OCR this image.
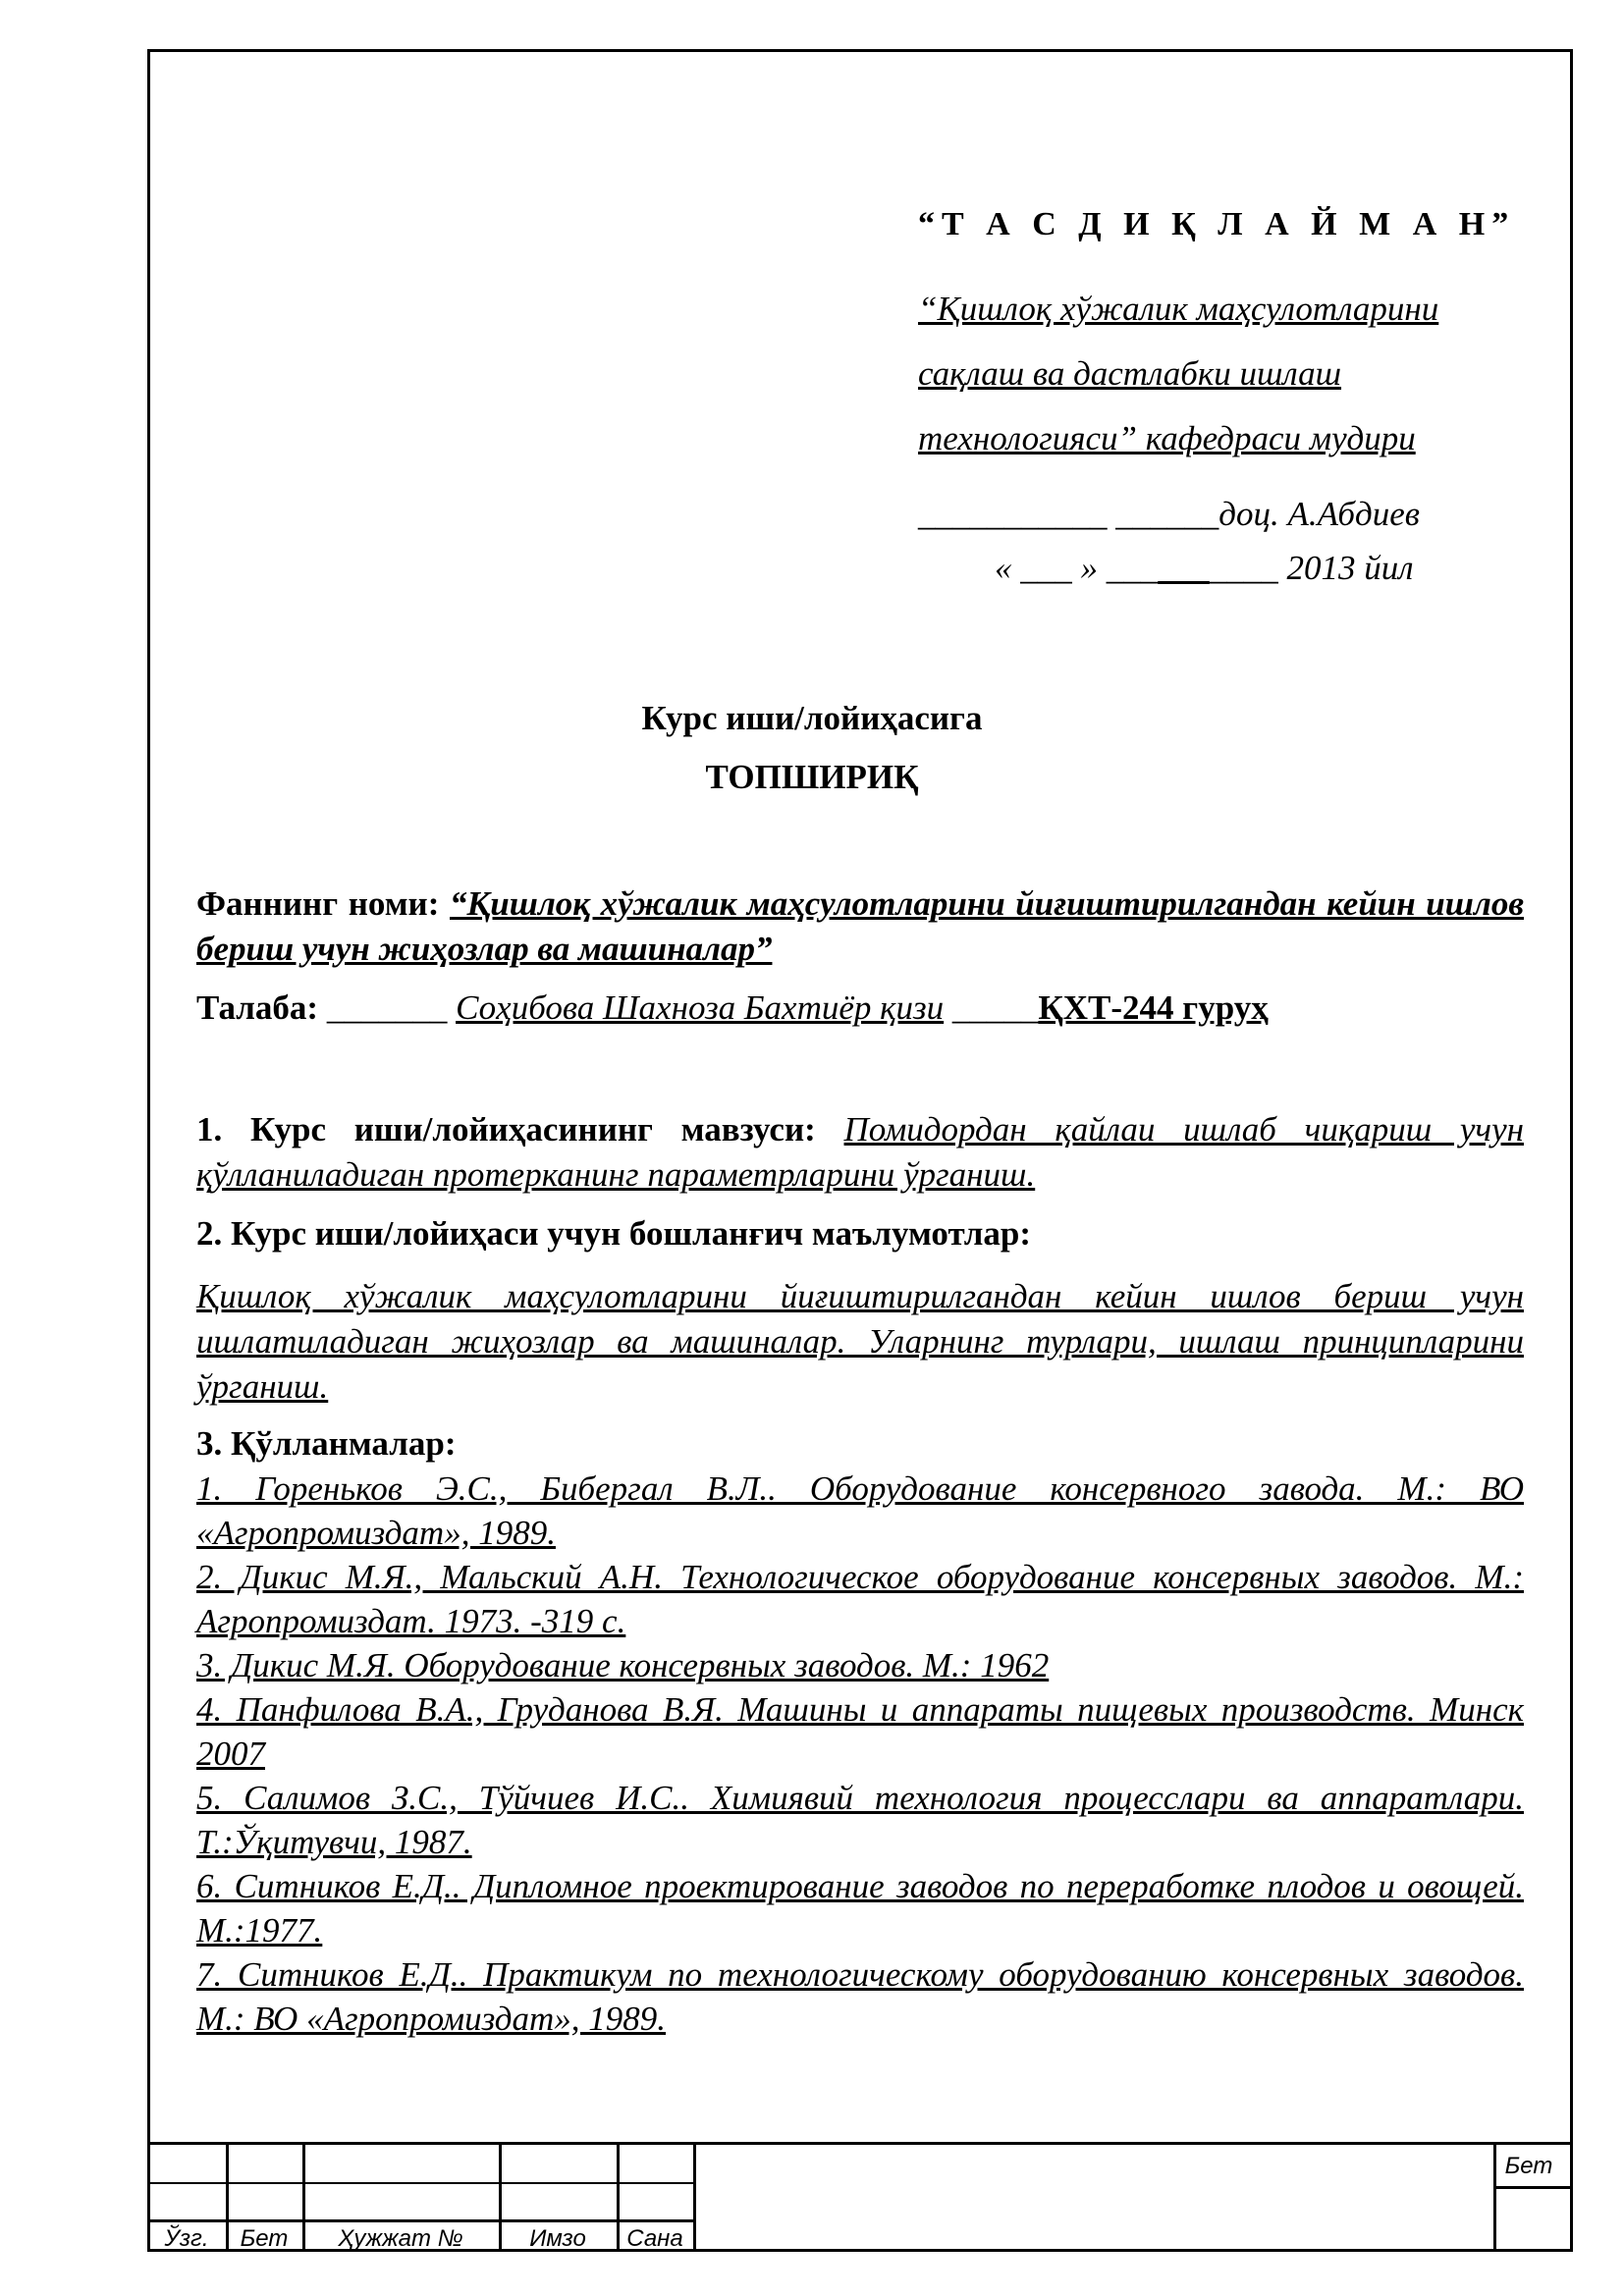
“Т А С Д И Қ Л А Й М А Н”

“Қишлоқ хўжалик маҳсулотларини

сақлаш ва дастлабки ишлаш

технологияси” кафедраси мудири

___________ ______доц. А.Абдиев
« ___ » __________ 2013 йил
Курс иши/лойиҳасига
ТОПШИРИҚ
Фаннинг номи: “Қишлоқ хўжалик маҳсулотларини йиғиштирилгандан кейин ишлов бериш учун жиҳозлар ва машиналар”
Талаба: _______ Соҳибова Шахноза Бахтиёр қизи _____ҚХТ-244 гуруҳ
1. Курс иши/лойиҳасининг мавзуси: Помидордан қайлаи ишлаб чиқариш учун қўлланиладиган протерканинг параметрларини ўрганиш.
2. Курс иши/лойиҳаси учун бошланғич маълумотлар:
Қишлоқ хўжалик маҳсулотларини йиғиштирилгандан кейин ишлов бериш учун ишлатиладиган жиҳозлар ва машиналар. Уларнинг турлари, ишлаш принципларини ўрганиш.
3. Қўлланмалар:

1. Гореньков Э.С., Бибергал В.Л.. Оборудование консервного завода. М.: ВО «Агропромиздат», 1989.

2. Дикис М.Я., Мальский А.Н. Технологическое оборудование консервных заводов. М.: Агропромиздат. 1973. -319 с.

3. Дикис М.Я. Оборудование консервных заводов. М.: 1962

4. Панфилова В.А., Груданова В.Я. Машины и аппараты пищевых производств. Минск 2007

5. Салимов З.С., Тўйчиев И.С.. Химиявий технология процесслари ва аппаратлари. Т.:Ўқитувчи, 1987.

6. Ситников Е.Д.. Дипломное проектирование заводов по переработке плодов и овощей. М.:1977.

7. Ситников Е.Д.. Практикум по технологическому оборудованию консервных заводов. М.: ВО «Агропромиздат», 1989.

Ўзг.	Бет	Ҳужжат №	Имзо	Сана
Бет
